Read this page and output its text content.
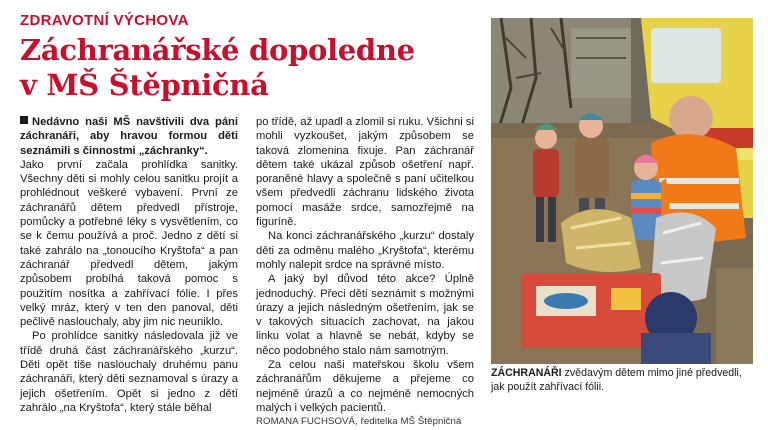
ZDRAVOTNÍ VÝCHOVA
Záchranářské dopoledne
v MŠ Štěpničná

Nedávno naši MŠ navštívili dva páni záchranáři, aby hravou formou děti seznámili s činnostmi „záchranky“.

Jako první začala prohlídka sanitky. Všechny děti si mohly celou sanitku projít a prohlédnout veškeré vybavení. První ze záchranářů dětem předvedl přístroje, pomůcky a potřebné léky s vysvětlením, co se k čemu používá a proč. Jedno z dětí si také zahrálo na „tonoucího Kryštofa“ a pan záchranář předvedl dětem, jakým způsobem probíhá taková pomoc s použitím nosítka a zahřívací fólie. I přes velký mráz, který v ten den panoval, děti pečlivě naslouchaly, aby jim nic neuniklo.

Po prohlídce sanitky následovala již ve třídě druhá část záchranářského „kurzu“. Děti opět tiše naslouchaly druhému panu záchranáři, který děti seznamoval s úrazy a jejich ošetřením. Opět si jedno z dětí zahrálo „na Kryštofa“, který stále běhal

po třídě, až upadl a zlomil si ruku. Všichni si mohli vyzkoušet, jakým způsobem se taková zlomenina fixuje. Pan záchranář dětem také ukázal způsob ošetření např. poraněné hlavy a společně s paní učitelkou všem předvedli záchranu lidského života pomocí masáže srdce, samozřejmě na figuríně.

Na konci záchranářského „kurzu“ dostaly děti za odměnu malého „Kryštofa“, kterému mohly nalepit srdce na správné místo.

A jaký byl důvod této akce? Úplně jednoduchý. Přeci děti seznámit s možnými úrazy a jejich následným ošetřením, jak se v takových situacích zachovat, na jakou linku volat a hlavně se nebát, kdyby se něco podobného stalo nám samotným.

Za celou naši mateřskou školu všem záchranářům děkujeme a přejeme co nejméně úrazů a co nejméně nemocných malých i velkých pacientů.

ROMANA FUCHSOVÁ, ředitelka MŠ Štěpničná

ZÁCHRANÁŘI zvědavým dětem mimo jiné předvedli, jak použít zahřívací fólii.
